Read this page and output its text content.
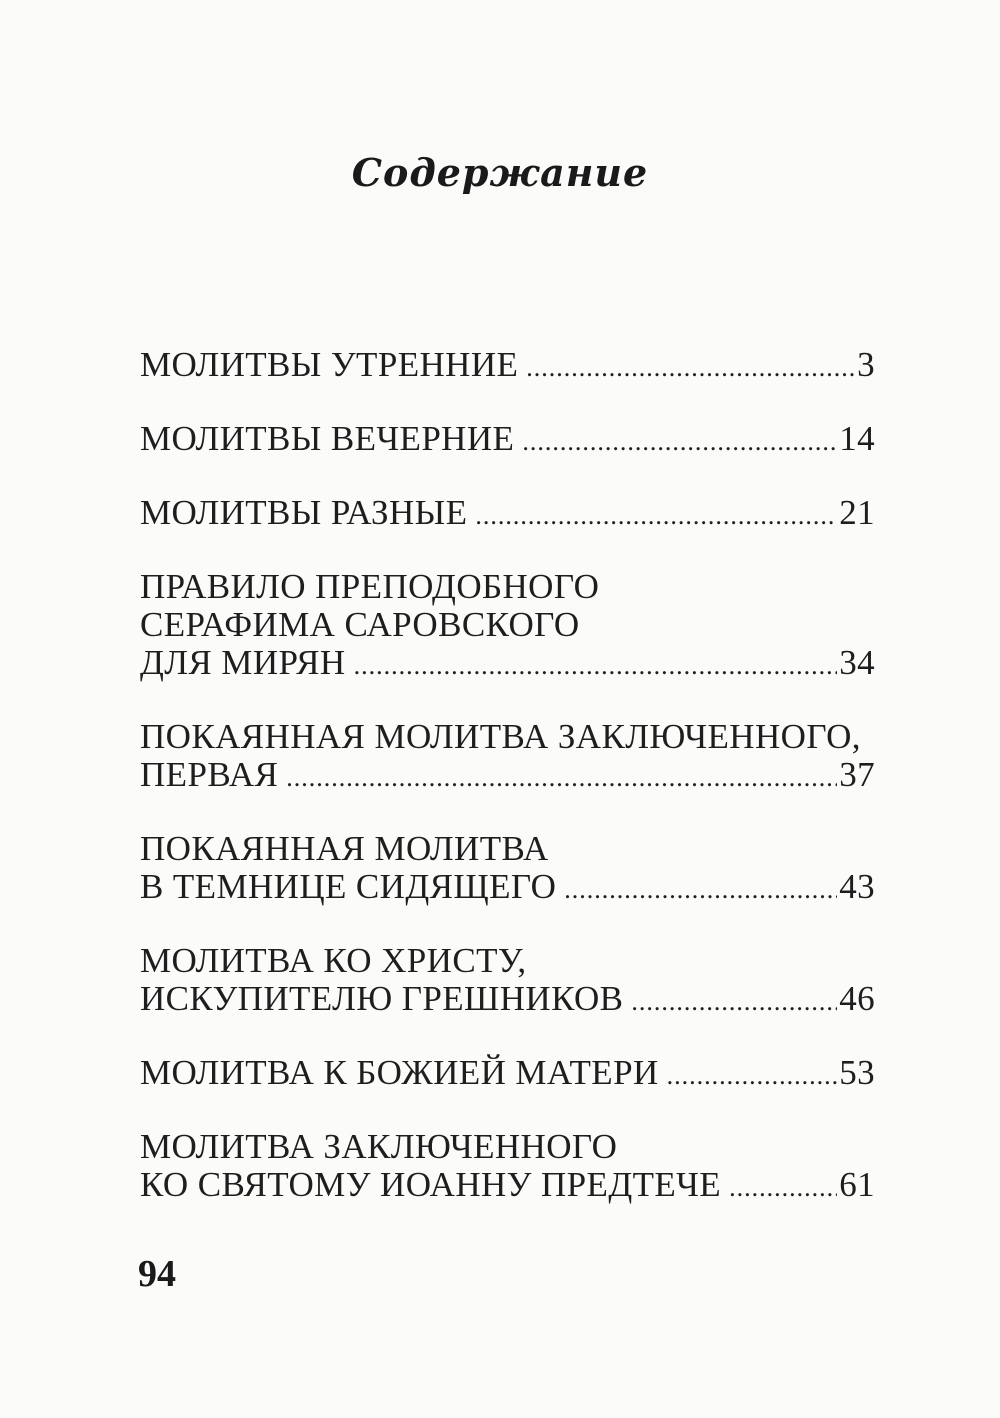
Содержание
МОЛИТВЫ УТРЕННИЕ .....	3
МОЛИТВЫ ВЕЧЕРНИЕ .....	14
МОЛИТВЫ РАЗНЫЕ .....	21
ПРАВИЛО ПРЕПОДОБНОГО
СЕРАФИМА САРОВСКОГО
ДЛЯ МИРЯН .....	34
ПОКАЯННАЯ МОЛИТВА ЗАКЛЮЧЕННОГО,
ПЕРВАЯ .....	37
ПОКАЯННАЯ МОЛИТВА
В ТЕМНИЦЕ СИДЯЩЕГО .....	43
МОЛИТВА КО ХРИСТУ,
ИСКУПИТЕЛЮ ГРЕШНИКОВ .....	46
МОЛИТВА К БОЖИЕЙ МАТЕРИ .....	53
МОЛИТВА ЗАКЛЮЧЕННОГО
КО СВЯТОМУ ИОАННУ ПРЕДТЕЧЕ .....	61
94
